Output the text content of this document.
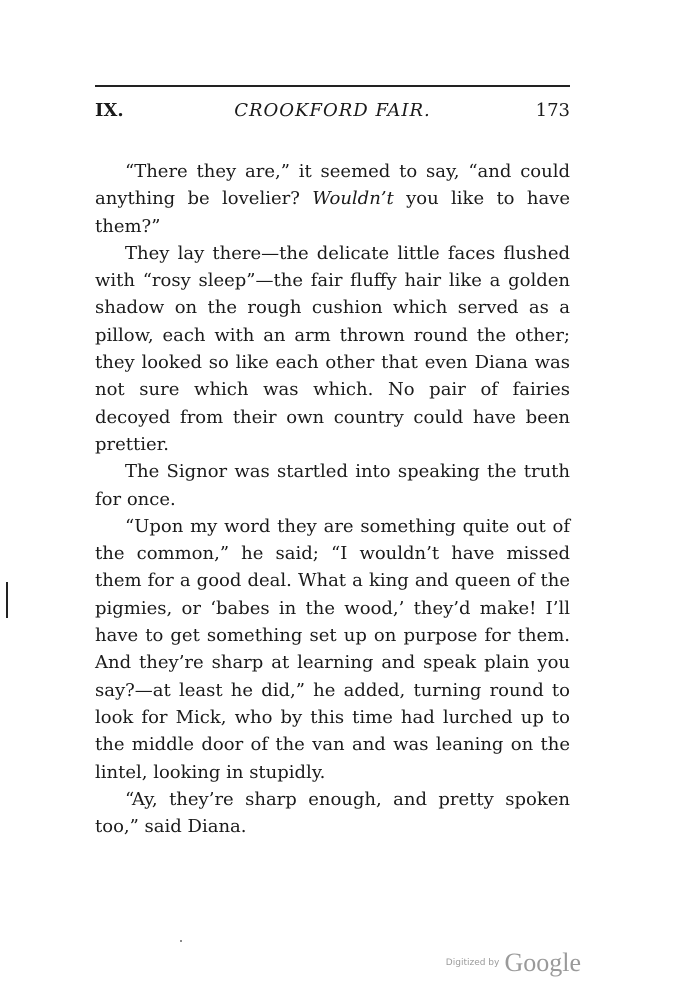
IX.	CROOKFORD FAIR.	173

“There they are,” it seemed to say, “and could anything be lovelier? Wouldn’t you like to have them?”

They lay there—the delicate little faces flushed with “rosy sleep”—the fair fluffy hair like a golden shadow on the rough cushion which served as a pillow, each with an arm thrown round the other; they looked so like each other that even Diana was not sure which was which. No pair of fairies decoyed from their own country could have been prettier.

The Signor was startled into speaking the truth for once.

“Upon my word they are something quite out of the common,” he said; “I wouldn’t have missed them for a good deal. What a king and queen of the pigmies, or ‘babes in the wood,’ they’d make! I’ll have to get something set up on purpose for them. And they’re sharp at learning and speak plain you say?—at least he did,” he added, turning round to look for Mick, who by this time had lurched up to the middle door of the van and was leaning on the lintel, looking in stupidly.

“Ay, they’re sharp enough, and pretty spoken too,” said Diana.

Digitized by Google
